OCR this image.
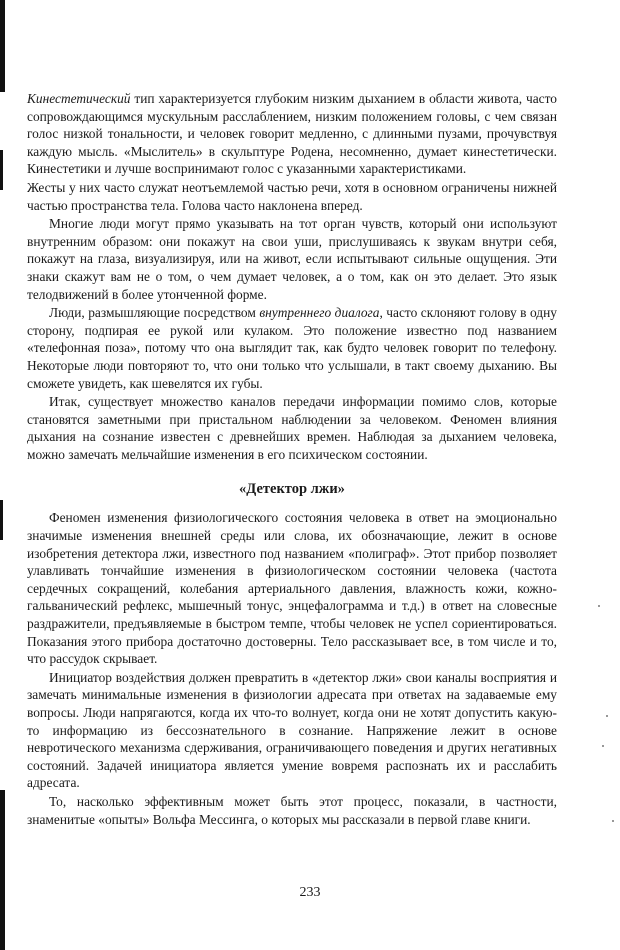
Кинестетический тип характеризуется глубоким низким дыханием в области живота, часто сопровождающимся мускульным расслаблением, низким положением головы, с чем связан голос низкой тональности, и человек говорит медленно, с длинными пузами, прочувствуя каждую мысль. «Мыслитель» в скульптуре Родена, несомненно, думает кинестетически. Кинестетики и лучше воспринимают голос с указанными характеристиками.

Жесты у них часто служат неотъемлемой частью речи, хотя в основном ограничены нижней частью пространства тела. Голова часто наклонена вперед.

Многие люди могут прямо указывать на тот орган чувств, который они используют внутренним образом: они покажут на свои уши, прислушиваясь к звукам внутри себя, покажут на глаза, визуализируя, или на живот, если испытывают сильные ощущения. Эти знаки скажут вам не о том, о чем думает человек, а о том, как он это делает. Это язык телодвижений в более утонченной форме.

Люди, размышляющие посредством внутреннего диалога, часто склоняют голову в одну сторону, подпирая ее рукой или кулаком. Это положение известно под названием «телефонная поза», потому что она выглядит так, как будто человек говорит по телефону. Некоторые люди повторяют то, что они только что услышали, в такт своему дыханию. Вы сможете увидеть, как шевелятся их губы.

Итак, существует множество каналов передачи информации помимо слов, которые становятся заметными при пристальном наблюдении за человеком. Феномен влияния дыхания на сознание известен с древнейших времен. Наблюдая за дыханием человека, можно замечать мельчайшие изменения в его психическом состоянии.

«Детектор лжи»

Феномен изменения физиологического состояния человека в ответ на эмоционально значимые изменения внешней среды или слова, их обозначающие, лежит в основе изобретения детектора лжи, известного под названием «полиграф». Этот прибор позволяет улавливать тончайшие изменения в физиологическом состоянии человека (частота сердечных сокращений, колебания артериального давления, влажность кожи, кожно-гальванический рефлекс, мышечный тонус, энцефалограмма и т.д.) в ответ на словесные раздражители, предъявляемые в быстром темпе, чтобы человек не успел сориентироваться. Показания этого прибора достаточно достоверны. Тело рассказывает все, в том числе и то, что рассудок скрывает.

Инициатор воздействия должен превратить в «детектор лжи» свои каналы восприятия и замечать минимальные изменения в физиологии адресата при ответах на задаваемые ему вопросы. Люди напрягаются, когда их что-то волнует, когда они не хотят допустить какую-то информацию из бессознательного в сознание. Напряжение лежит в основе невротического механизма сдерживания, ограничивающего поведения и других негативных состояний. Задачей инициатора является умение вовремя распознать их и расслабить адресата.

То, насколько эффективным может быть этот процесс, показали, в частности, знаменитые «опыты» Вольфа Мессинга, о которых мы рассказали в первой главе книги.

233
